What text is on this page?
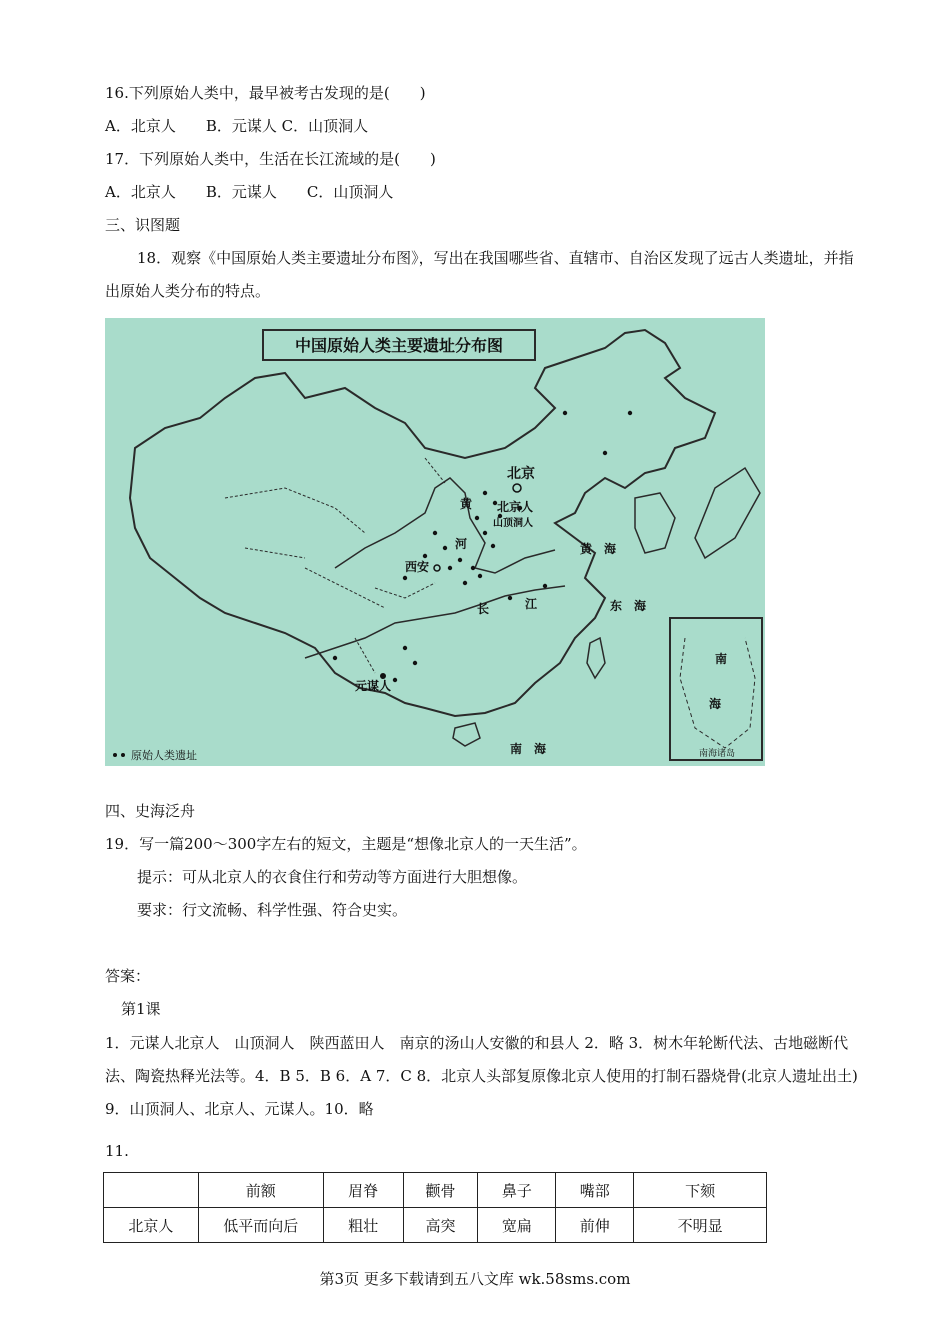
16.下列原始人类中，最早被考古发现的是(　　)
A．北京人　　B．元谋人 C．山顶洞人
17．下列原始人类中，生活在长江流域的是(　　)
A．北京人　　B．元谋人　　C．山顶洞人
三、识图题
18．观察《中国原始人类主要遗址分布图》，写出在我国哪些省、直辖市、自治区发现了远古人类遗址，并指出原始人类分布的特点。
中国原始人类主要遗址分布图
北京
北京人
山顶洞人
西安
黄
河
长	江
元谋人
黄　海
东　海
南　海
南
海
南海诸岛
原始人类遗址
四、史海泛舟
19．写一篇200～300字左右的短文，主题是“想像北京人的一天生活”。
提示：可从北京人的衣食住行和劳动等方面进行大胆想像。
要求：行文流畅、科学性强、符合史实。
答案：
第1课
1．元谋人北京人　山顶洞人　陕西蓝田人　南京的汤山人安徽的和县人 2．略 3．树木年轮断代法、古地磁断代法、陶瓷热释光法等。4．B 5．B 6．A 7．C 8．北京人头部复原像北京人使用的打制石器烧骨(北京人遗址出土)　9．山顶洞人、北京人、元谋人。10．略
11.
	前额	眉脊	颧骨	鼻子	嘴部	下颏
北京人	低平而向后	粗壮	高突	宽扁	前伸	不明显
第3页 更多下载请到五八文库 wk.58sms.com
